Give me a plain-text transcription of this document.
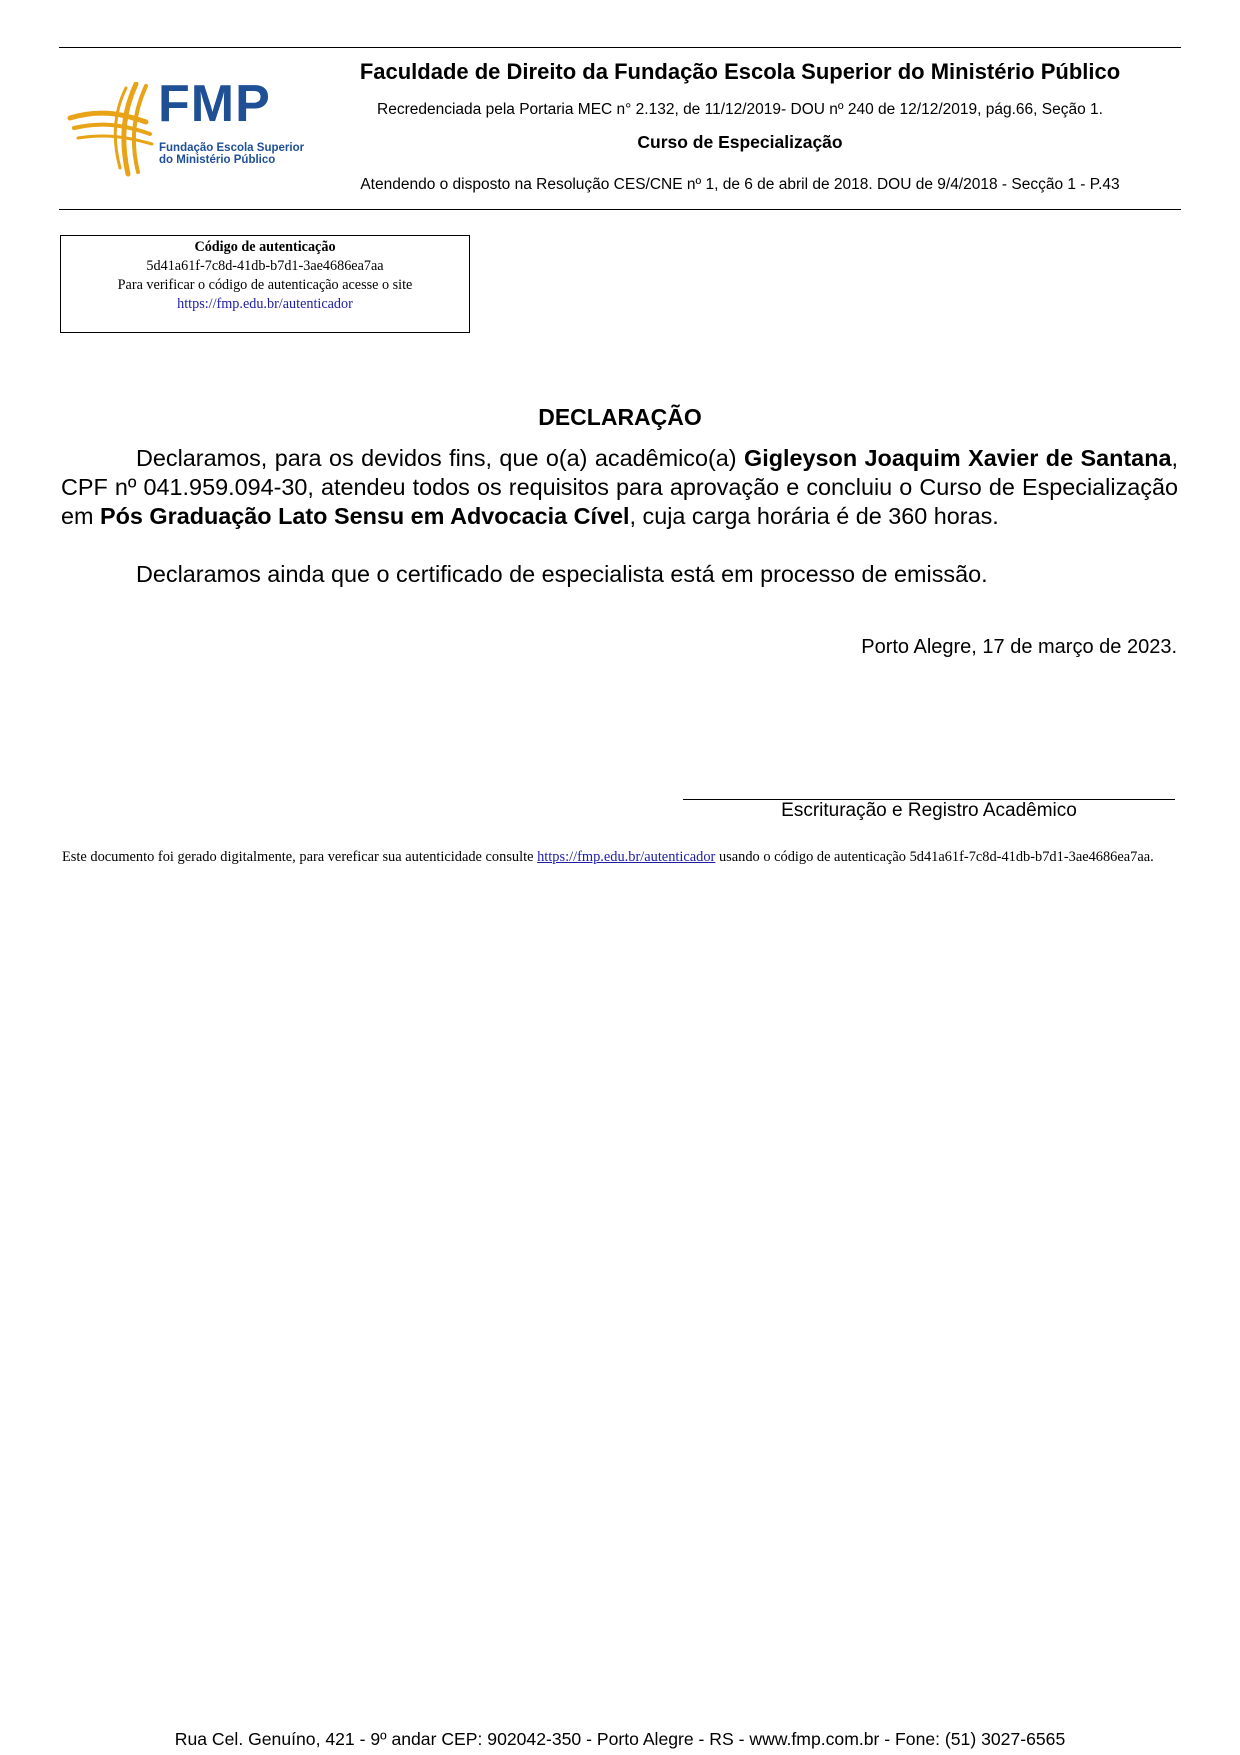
FMP
Fundação Escola Superior
do Ministério Público
Faculdade de Direito da Fundação Escola Superior do Ministério Público
Recredenciada pela Portaria MEC n° 2.132, de 11/12/2019- DOU nº 240 de 12/12/2019, pág.66, Seção 1.
Curso de Especialização
Atendendo o disposto na Resolução CES/CNE nº 1, de 6 de abril de 2018. DOU de 9/4/2018 - Secção 1 - P.43
Código de autenticação
5d41a61f-7c8d-41db-b7d1-3ae4686ea7aa
Para verificar o código de autenticação acesse o site
https://fmp.edu.br/autenticador
DECLARAÇÃO
Declaramos, para os devidos fins, que o(a) acadêmico(a) Gigleyson Joaquim Xavier de Santana, CPF nº 041.959.094-30, atendeu todos os requisitos para aprovação e concluiu o Curso de Especialização em Pós Graduação Lato Sensu em Advocacia Cível, cuja carga horária é de 360 horas.
Declaramos ainda que o certificado de especialista está em processo de emissão.
Porto Alegre, 17 de março de 2023.
Escrituração e Registro Acadêmico
Este documento foi gerado digitalmente, para vereficar sua autenticidade consulte https://fmp.edu.br/autenticador usando o código de autenticação 5d41a61f-7c8d-41db-b7d1-3ae4686ea7aa.
Rua Cel. Genuíno, 421 - 9º andar CEP: 902042-350 - Porto Alegre - RS - www.fmp.com.br - Fone: (51) 3027-6565
